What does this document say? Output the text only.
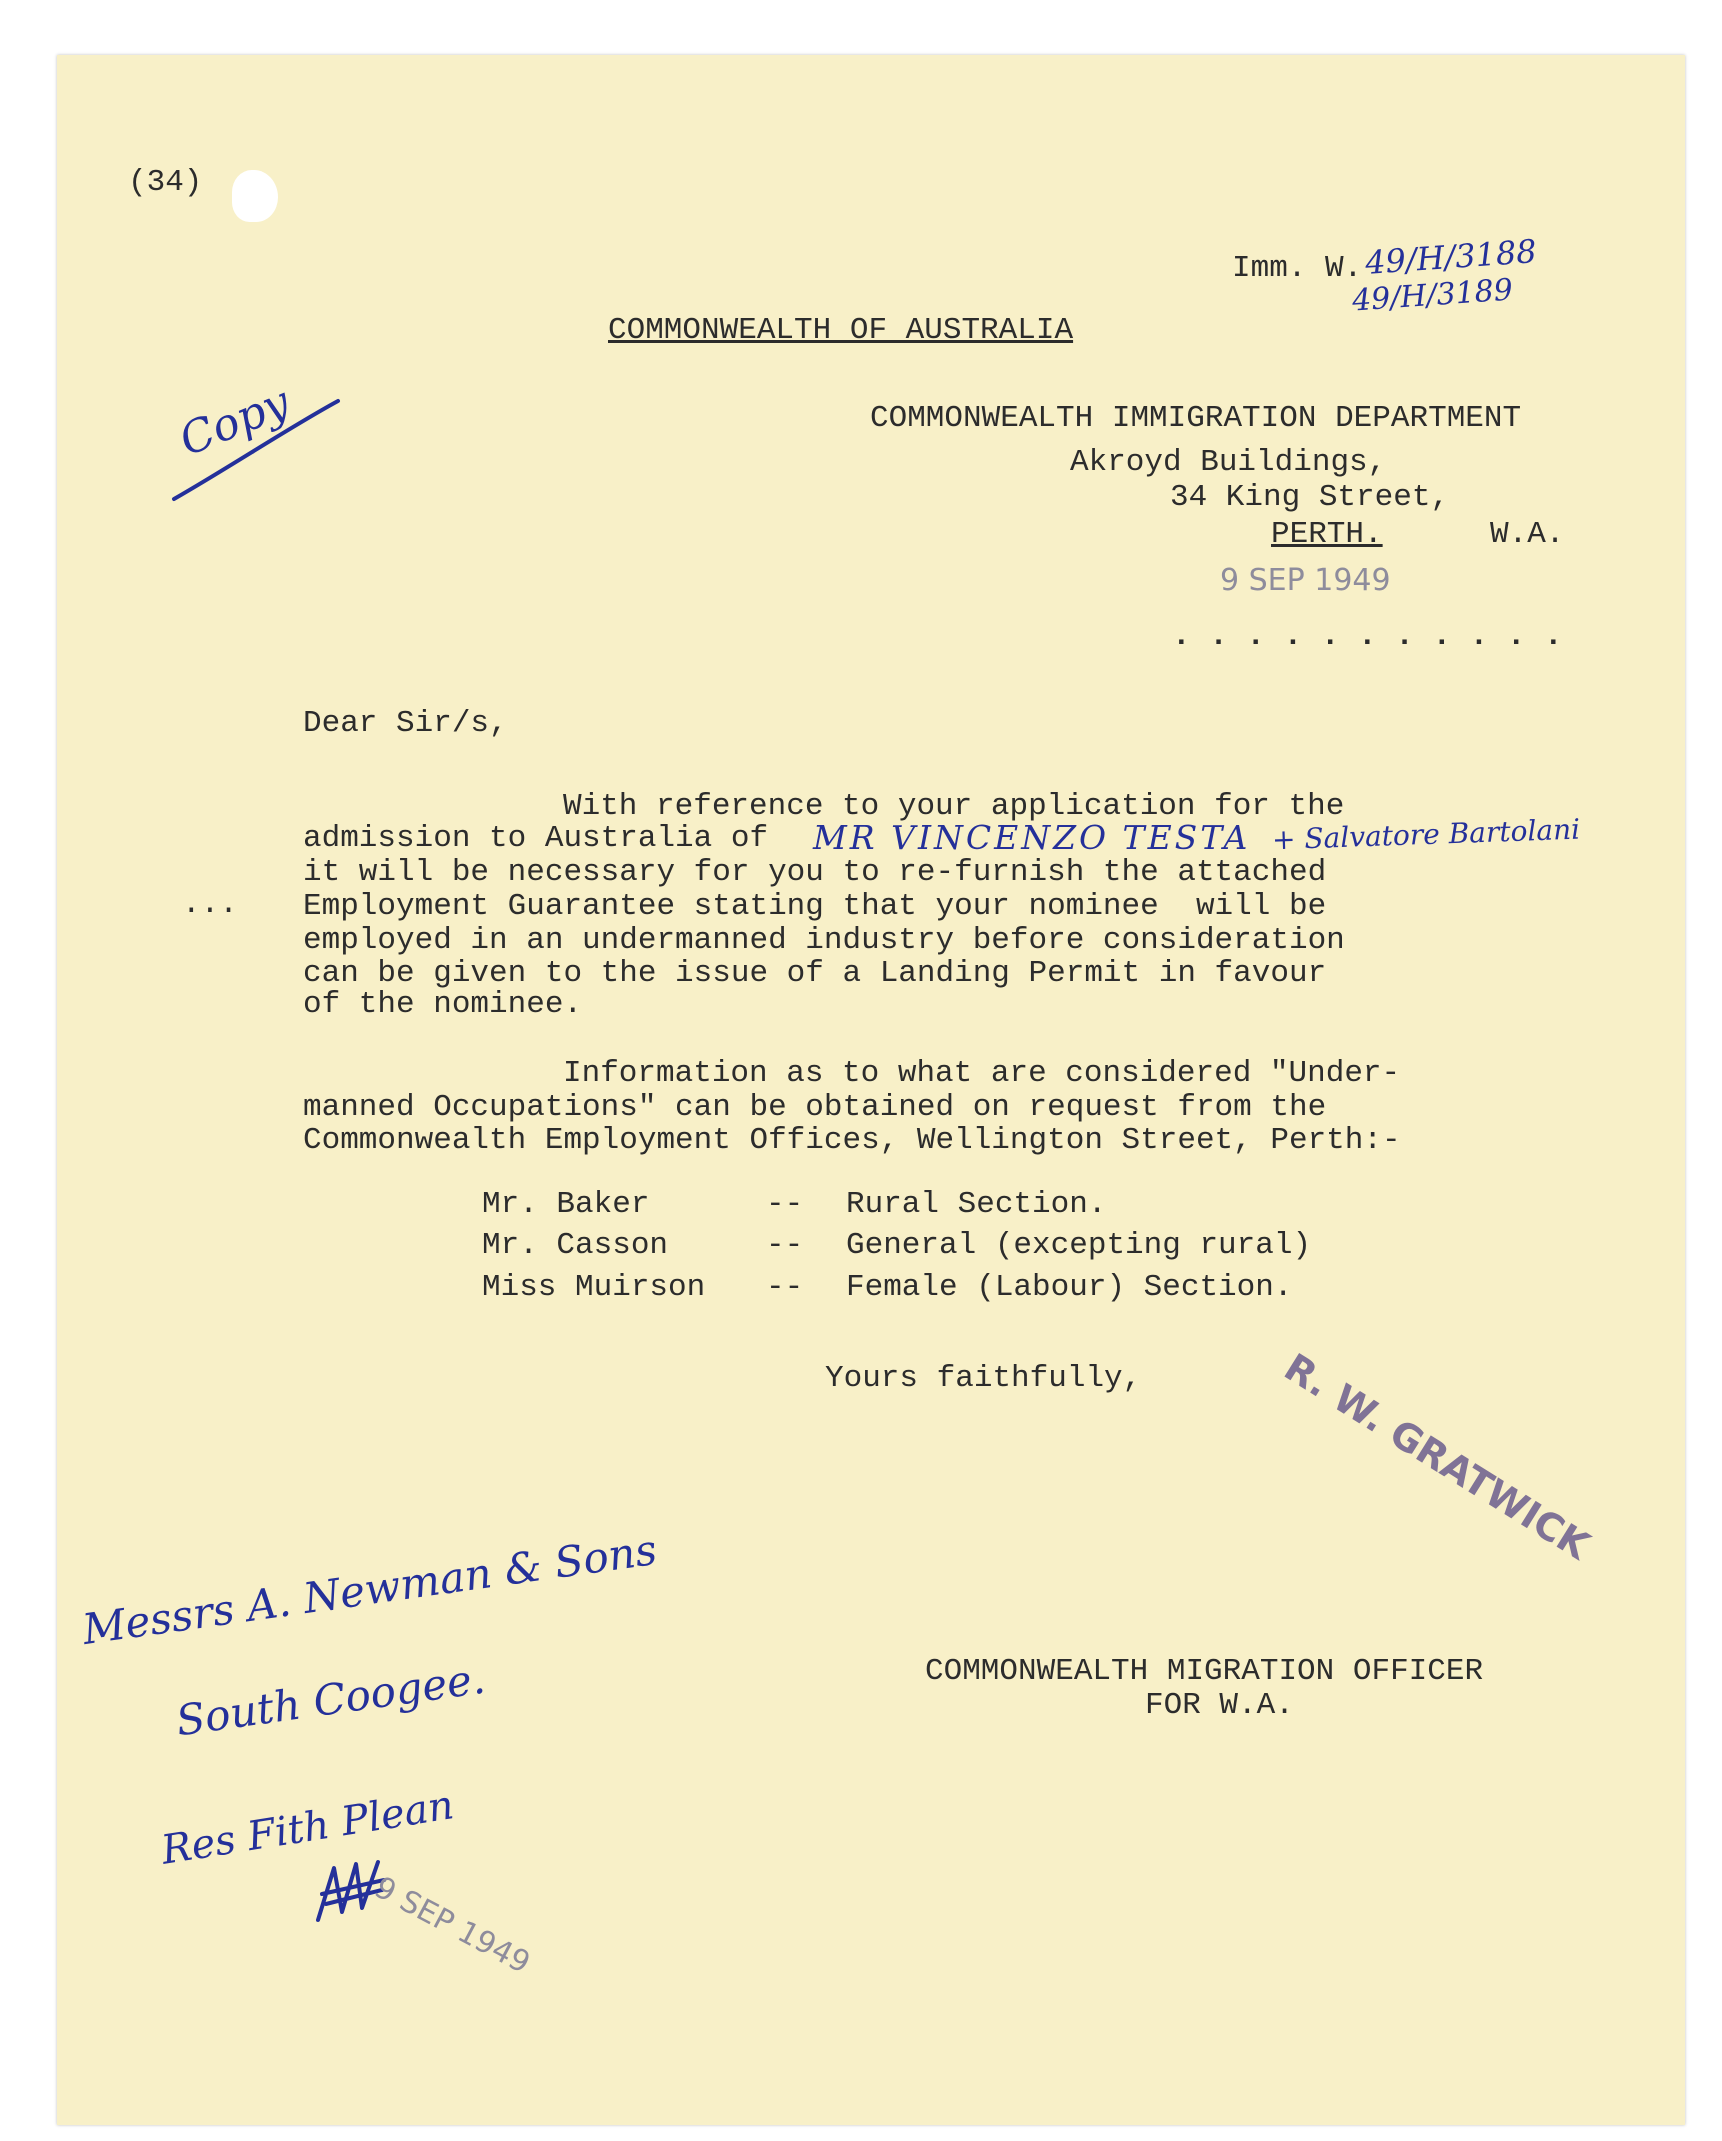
(34)
Imm. W. 49/H/3188
49/H/3189
COMMONWEALTH OF AUSTRALIA
Copy	COMMONWEALTH IMMIGRATION DEPARTMENT
Akroyd Buildings,
34 King Street,
PERTH.	W.A.
9 SEP 1949
. . . . . . . . . . .
Dear Sir/s,
With reference to your application for the
admission to Australia of MR VINCENZO TESTA + Salvatore Bartolani
it will be necessary for you to re-furnish the attached
... Employment Guarantee stating that your nominee  will be
employed in an undermanned industry before consideration
can be given to the issue of a Landing Permit in favour
of the nominee.
Information as to what are considered "Under-
manned Occupations" can be obtained on request from the
Commonwealth Employment Offices, Wellington Street, Perth:-
Mr. Baker	-- Rural Section.
Mr. Casson	-- General (excepting rural)
Miss Muirson -- Female (Labour) Section.
Yours faithfully,	R. W. GRATWICK
COMMONWEALTH MIGRATION OFFICER
FOR W.A.
Messrs A. Newman & Sons
South Coogee.
Res Fith Plean
9 SEP 1949
